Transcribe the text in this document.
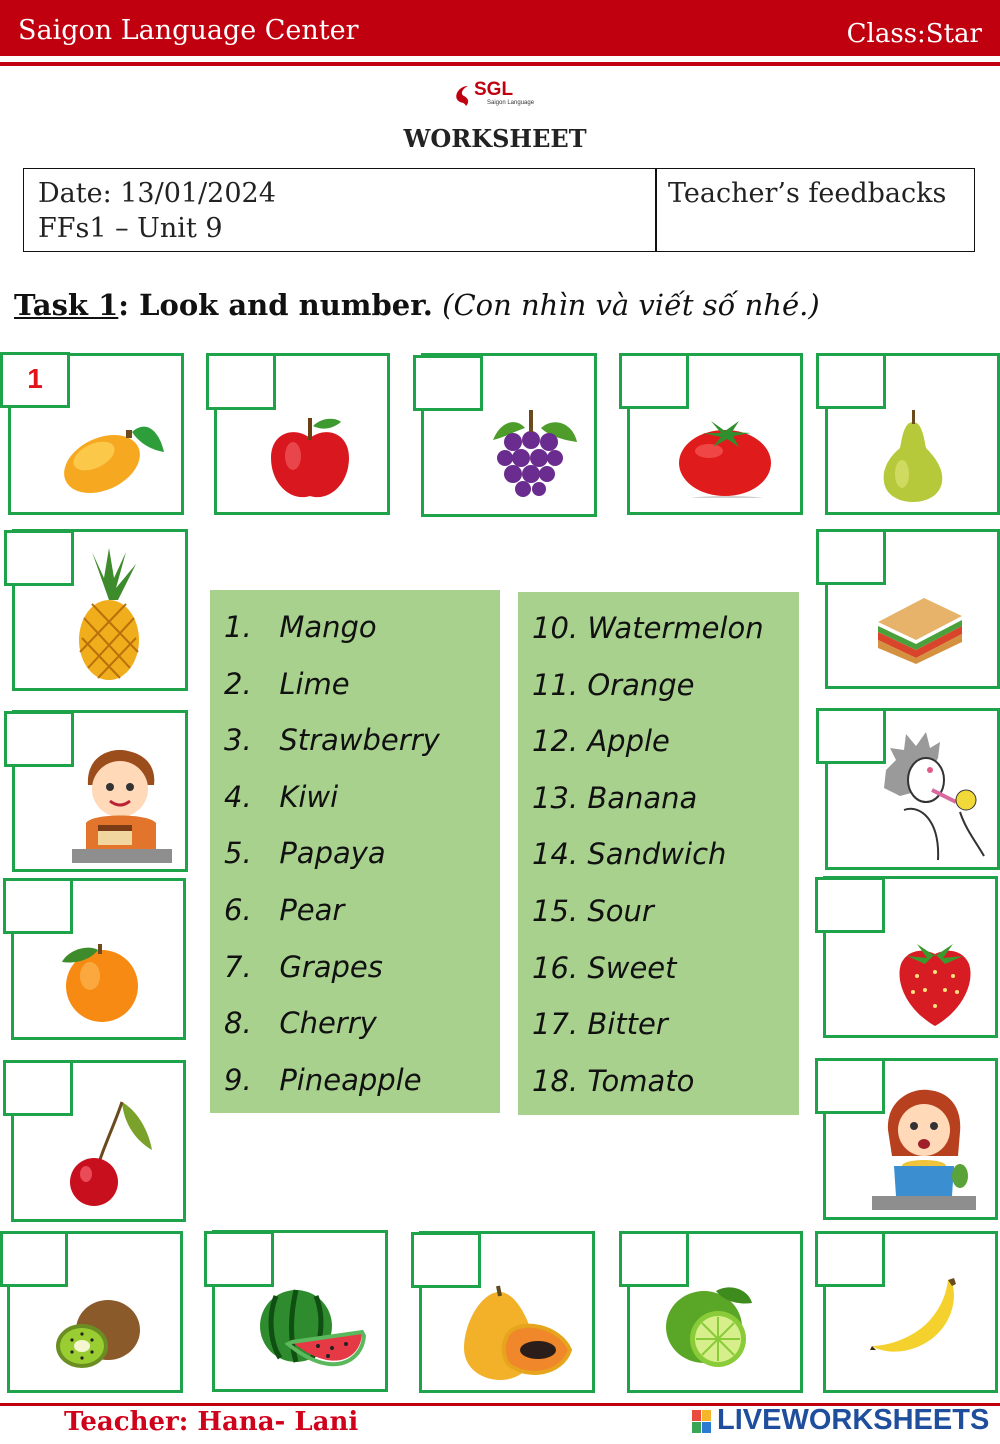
Saigon Language Center	Class:Star
SGL
Saigon Language
WORKSHEET
Date: 13/01/2024
FFs1 – Unit 9
Teacher’s feedbacks
Task 1: Look and number. (Con nhìn và viết số nhé.)
1
1.   Mango
2.   Lime
3.   Strawberry
4.   Kiwi
5.   Papaya
6.   Pear
7.   Grapes
8.   Cherry
9.   Pineapple
10. Watermelon
11. Orange
12. Apple
13. Banana
14. Sandwich
15. Sour
16. Sweet
17. Bitter
18. Tomato
Teacher: Hana- Lani	LIVEWORKSHEETS
